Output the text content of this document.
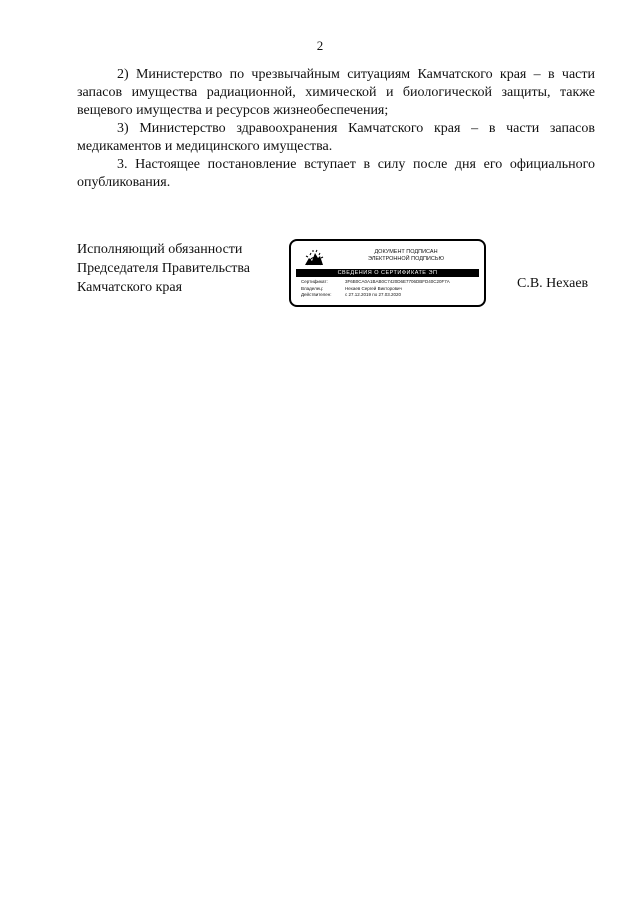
2

2) Министерство по чрезвычайным ситуациям Камчатского края – в части запасов имущества радиационной, химической и биологической защиты, также вещевого имущества и ресурсов жизнеобеспечения;

3) Министерство здравоохранения Камчатского края – в части запасов медикаментов и медицинского имущества.

3. Настоящее постановление вступает в силу после дня его официального опубликования.

Исполняющий обязанности
Председателя Правительства
Камчатского края
ДОКУМЕНТ ПОДПИСАН
ЭЛЕКТРОННОЙ ПОДПИСЬЮ
СВЕДЕНИЯ О СЕРТИФИКАТЕ ЭП
Сертификат:	3F6B0CA0A1BAB0C7420D6E7706DBFD40C20F7A
Владелец:	Нехаев Сергей Викторович
Действителен:	с 27.12.2019 по 27.03.2020
С.В. Нехаев
